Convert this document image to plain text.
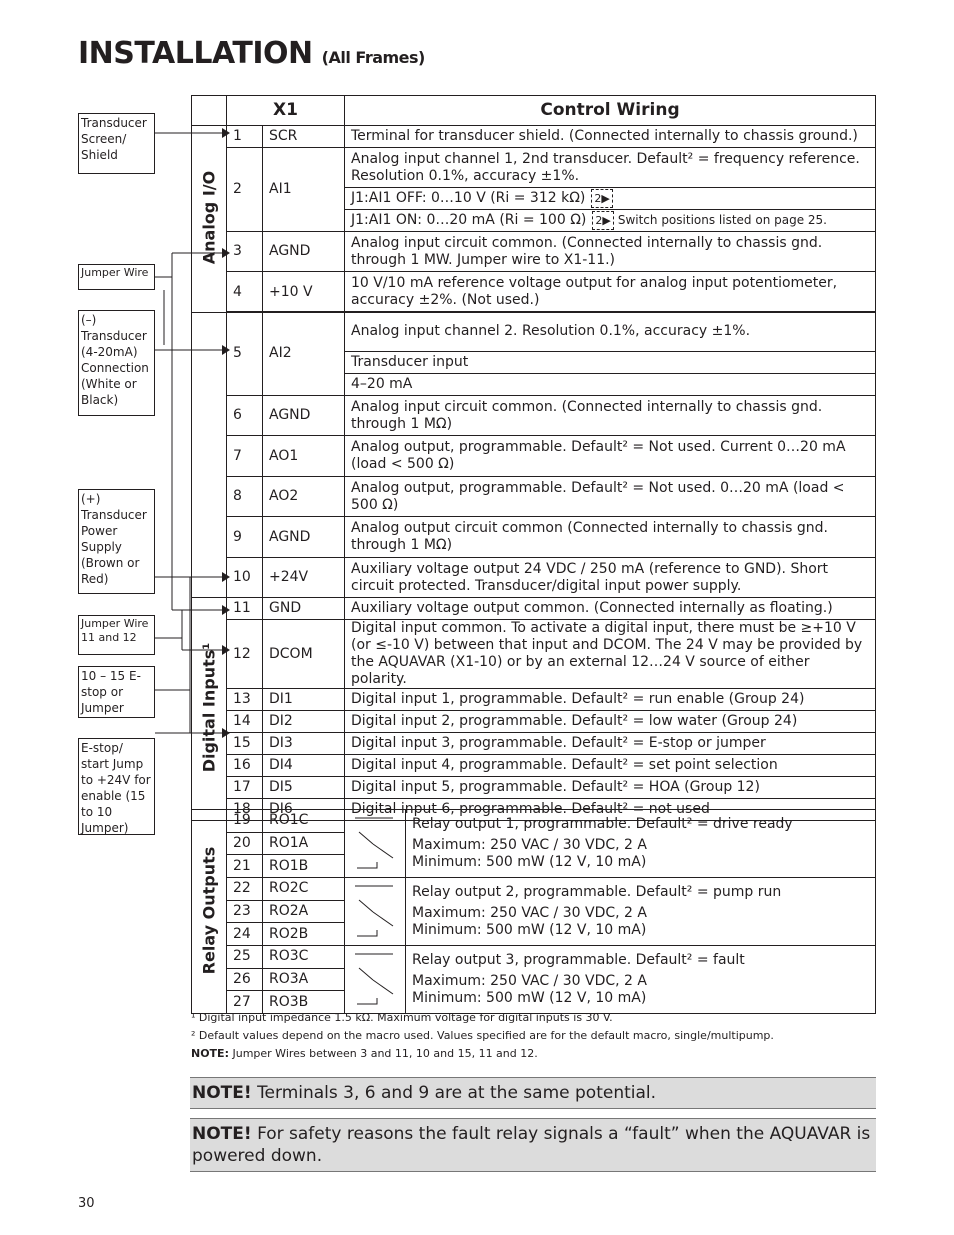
INSTALLATION (All Frames)
	X1		Control Wiring

Analog I/O	1	SCR	Terminal for transducer shield. (Connected internally to chassis ground.)
	2	AI1	Analog input channel 1, 2nd transducer. Default² = frequency reference. Resolution 0.1%, accuracy ±1%.
			J1:AI1 OFF: 0…10 V (Ri = 312 kΩ) 2▶
			J1:AI1 ON: 0…20 mA (Ri = 100 Ω) 2▶ Switch positions listed on page 25.
	3	AGND	Analog input circuit common. (Connected internally to chassis gnd. through 1 MW. Jumper wire to X1-11.)
	4	+10 V	10 V/10 mA reference voltage output for analog input potentiometer, accuracy ±2%. (Not used.)
	5	AI2	Analog input channel 2. Resolution 0.1%, accuracy ±1%.
			Transducer input
			4–20 mA
	6	AGND	Analog input circuit common. (Connected internally to chassis gnd. through 1 MΩ)
	7	AO1	Analog output, programmable. Default² = Not used. Current 0…20 mA (load < 500 Ω)
	8	AO2	Analog output, programmable. Default² = Not used. 0…20 mA (load < 500 Ω)
	9	AGND	Analog output circuit common (Connected internally to chassis gnd. through 1 MΩ)
	10	+24V	Auxiliary voltage output 24 VDC / 250 mA (reference to GND). Short circuit protected. Transducer/digital input power supply.
Digital Inputs¹	11	GND	Auxiliary voltage output common. (Connected internally as floating.)
	12	DCOM	Digital input common. To activate a digital input, there must be ≥+10 V (or ≤-10 V) between that input and DCOM. The 24 V may be provided by the AQUAVAR (X1-10) or by an external 12…24 V source of either polarity.
	13	DI1	Digital input 1, programmable. Default² = run enable (Group 24)
	14	DI2	Digital input 2, programmable. Default² = low water (Group 24)
	15	DI3	Digital input 3, programmable. Default² = E-stop or jumper
	16	DI4	Digital input 4, programmable. Default² = set point selection
	17	DI5	Digital input 5, programmable. Default² = HOA (Group 12)
	18	DI6	Digital input 6, programmable. Default² = not used
Relay Outputs	19	RO1C		Relay output 1, programmable. Default² = drive ready
Maximum: 250 VAC / 30 VDC, 2 A
Minimum: 500 mW (12 V, 10 mA)

	20	RO1A		
	21	RO1B		
	22	RO2C		Relay output 2, programmable. Default² = pump run
Maximum: 250 VAC / 30 VDC, 2 A
Minimum: 500 mW (12 V, 10 mA)

	23	RO2A		
	24	RO2B		
	25	RO3C		Relay output 3, programmable. Default² = fault
Maximum: 250 VAC / 30 VDC, 2 A
Minimum: 500 mW (12 V, 10 mA)

	26	RO3A		
	27	RO3B		
Transducer Screen/ Shield
Jumper Wire
(–) Transducer (4-20mA) Connection (White or Black)
(+) Transducer Power Supply (Brown or Red)
Jumper Wire 11 and 12
10 – 15 E-stop or Jumper
E-stop/ start Jump to +24V for enable (15 to 10 Jumper)
¹ Digital input impedance 1.5 kΩ. Maximum voltage for digital inputs is 30 V.
² Default values depend on the macro used. Values specified are for the default macro, single/multipump.
NOTE: Jumper Wires between 3 and 11, 10 and 15, 11 and 12.
NOTE! Terminals 3, 6 and 9 are at the same potential.
NOTE! For safety reasons the fault relay signals a “fault” when the AQUAVAR is powered down.
30
